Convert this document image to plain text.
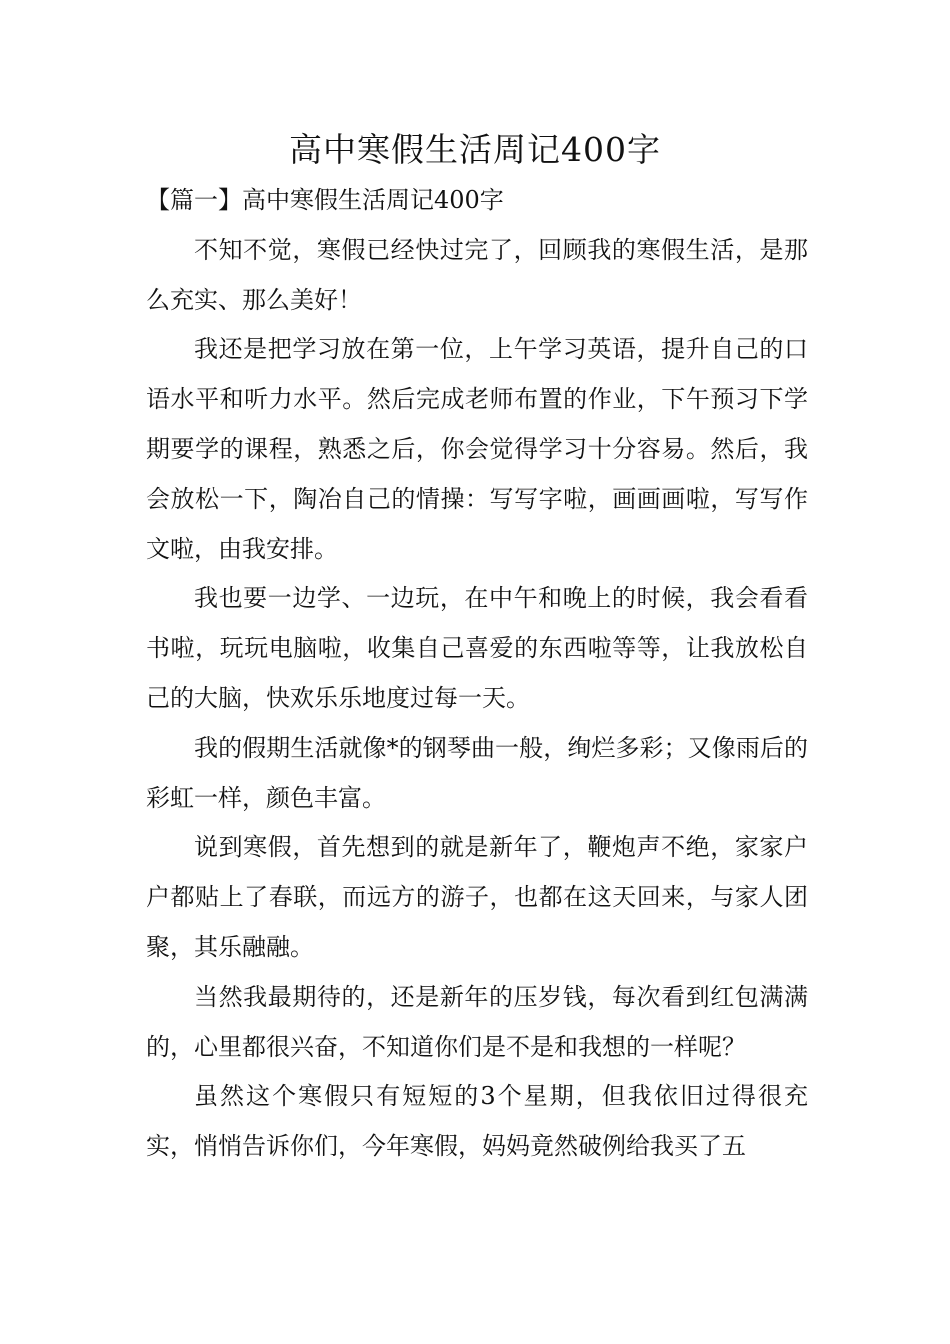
高中寒假生活周记400字
【篇一】高中寒假生活周记400字

不知不觉，寒假已经快过完了，回顾我的寒假生活，是那么充实、那么美好！

我还是把学习放在第一位，上午学习英语，提升自己的口语水平和听力水平。然后完成老师布置的作业，下午预习下学期要学的课程，熟悉之后，你会觉得学习十分容易。然后，我会放松一下，陶冶自己的情操：写写字啦，画画画啦，写写作文啦，由我安排。

我也要一边学、一边玩，在中午和晚上的时候，我会看看书啦，玩玩电脑啦，收集自己喜爱的东西啦等等，让我放松自己的大脑，快欢乐乐地度过每一天。

我的假期生活就像*的钢琴曲一般，绚烂多彩；又像雨后的彩虹一样，颜色丰富。

说到寒假，首先想到的就是新年了，鞭炮声不绝，家家户户都贴上了春联，而远方的游子，也都在这天回来，与家人团聚，其乐融融。

当然我最期待的，还是新年的压岁钱，每次看到红包满满的，心里都很兴奋，不知道你们是不是和我想的一样呢？

虽然这个寒假只有短短的3个星期，但我依旧过得很充实，悄悄告诉你们，今年寒假，妈妈竟然破例给我买了五
